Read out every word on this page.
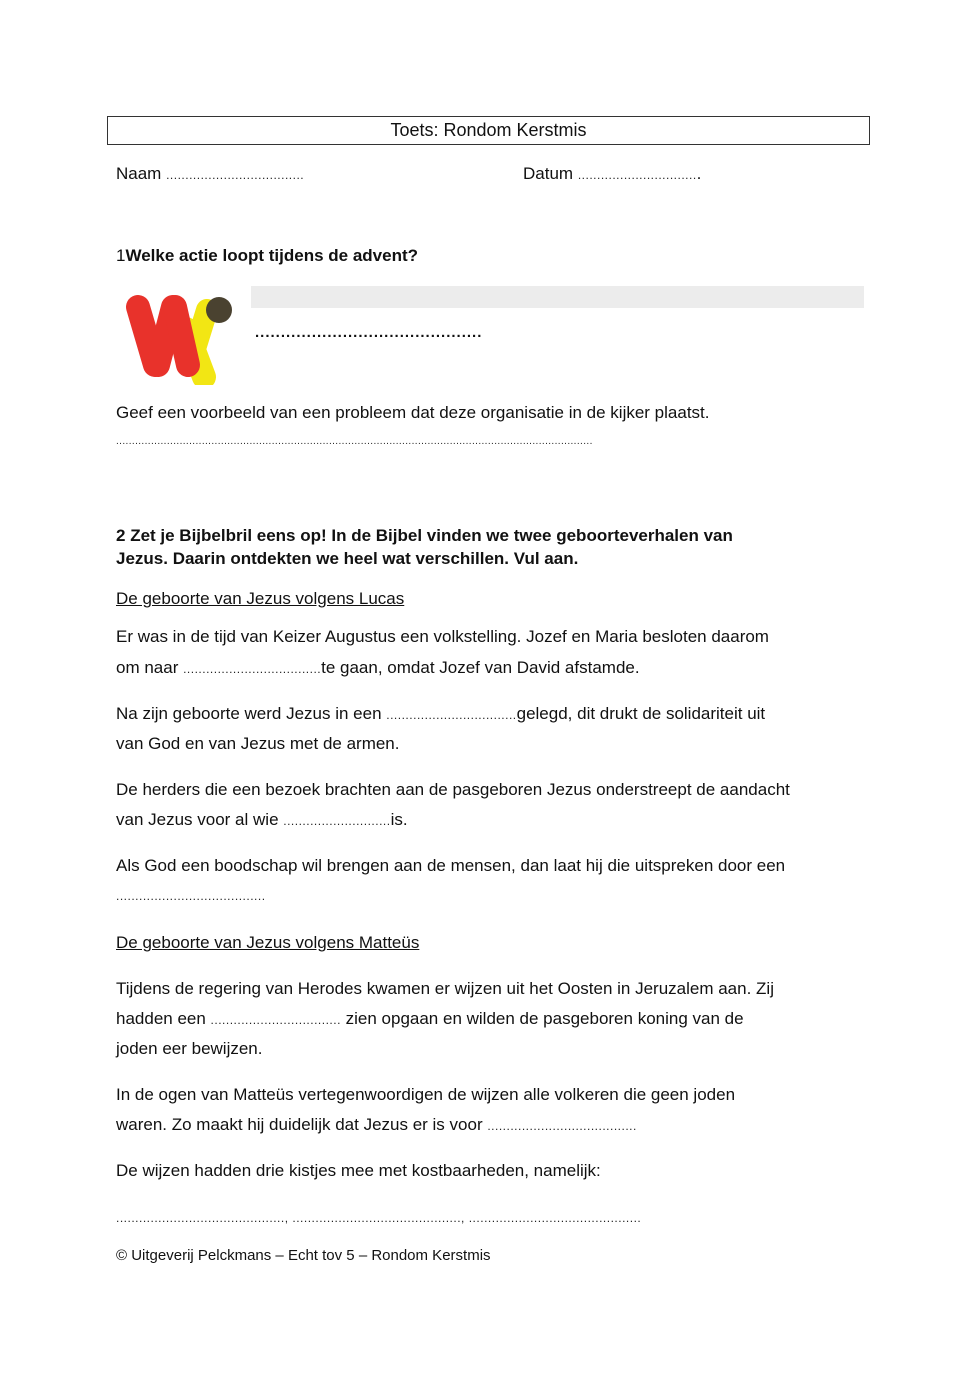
Toets: Rondom Kerstmis
Naam ....................................	Datum ................................
1Welke actie loopt tijdens de advent?
............................................
Geef een voorbeeld van een probleem dat deze organisatie in de kijker plaatst.
......................................................................................................................................................
2 Zet je Bijbelbril eens op! In de Bijbel vinden we twee geboorteverhalen van
Jezus. Daarin ontdekten we heel wat verschillen. Vul aan.
De geboorte van Jezus volgens Lucas
Er was in de tijd van Keizer Augustus een volkstelling. Jozef en Maria besloten daarom
om naar ....................................te gaan, omdat Jozef van David afstamde.
Na zijn geboorte werd Jezus in een ..................................gelegd, dit drukt de solidariteit uit
van God en van Jezus met de armen.
De herders die een bezoek brachten aan de pasgeboren Jezus onderstreept de aandacht
van Jezus voor al wie ............................is.
Als God een boodschap wil brengen aan de mensen, dan laat hij die uitspreken door een
.......................................
De geboorte van Jezus volgens Matteüs
Tijdens de regering van Herodes kwamen er wijzen uit het Oosten in Jeruzalem aan. Zij
hadden een .................................. zien opgaan en wilden de pasgeboren koning van de
joden eer bewijzen.
In de ogen van Matteüs vertegenwoordigen de wijzen alle volkeren die geen joden
waren. Zo maakt hij duidelijk dat Jezus er is voor .......................................
De wijzen hadden drie kistjes mee met kostbaarheden, namelijk:
............................................, ............................................, .............................................
© Uitgeverij Pelckmans – Echt tov 5 – Rondom Kerstmis
